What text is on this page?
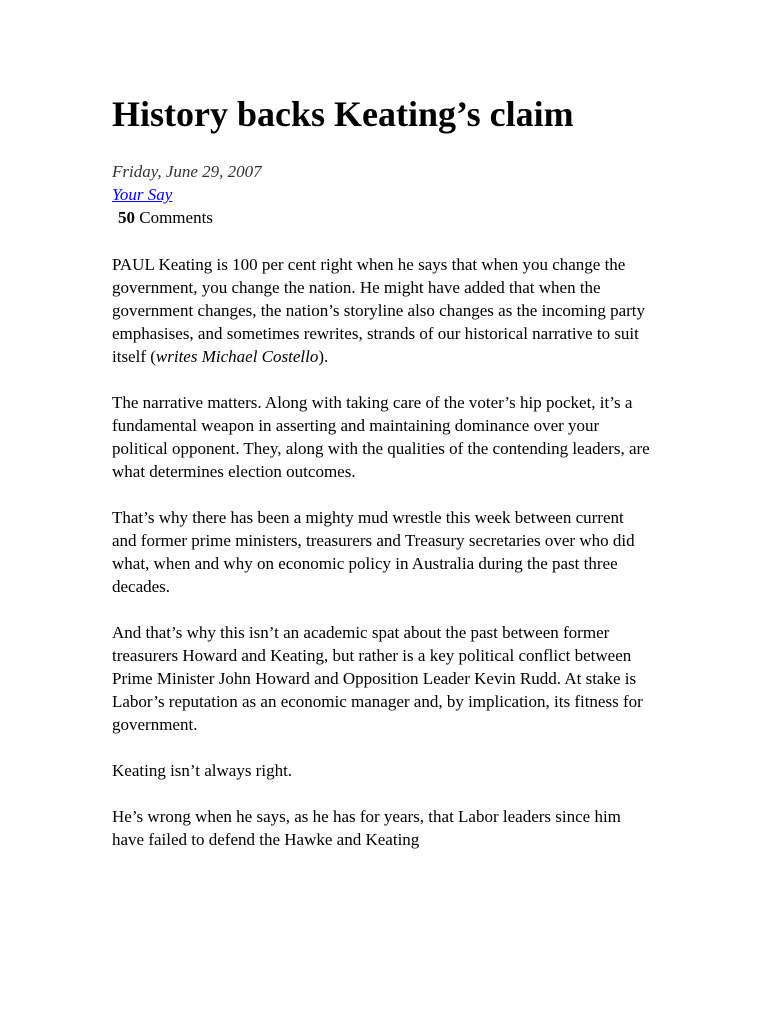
History backs Keating’s claim
Friday, June 29, 2007
Your Say
50 Comments

PAUL Keating is 100 per cent right when he says that when you change the government, you change the nation. He might have added that when the government changes, the nation’s storyline also changes as the incoming party emphasises, and sometimes rewrites, strands of our historical narrative to suit itself (writes Michael Costello).

The narrative matters. Along with taking care of the voter’s hip pocket, it’s a fundamental weapon in asserting and maintaining dominance over your political opponent. They, along with the qualities of the contending leaders, are what determines election outcomes.

That’s why there has been a mighty mud wrestle this week between current and former prime ministers, treasurers and Treasury secretaries over who did what, when and why on economic policy in Australia during the past three decades.

And that’s why this isn’t an academic spat about the past between former treasurers Howard and Keating, but rather is a key political conflict between Prime Minister John Howard and Opposition Leader Kevin Rudd. At stake is Labor’s reputation as an economic manager and, by implication, its fitness for government.

Keating isn’t always right.

He’s wrong when he says, as he has for years, that Labor leaders since him have failed to defend the Hawke and Keating
